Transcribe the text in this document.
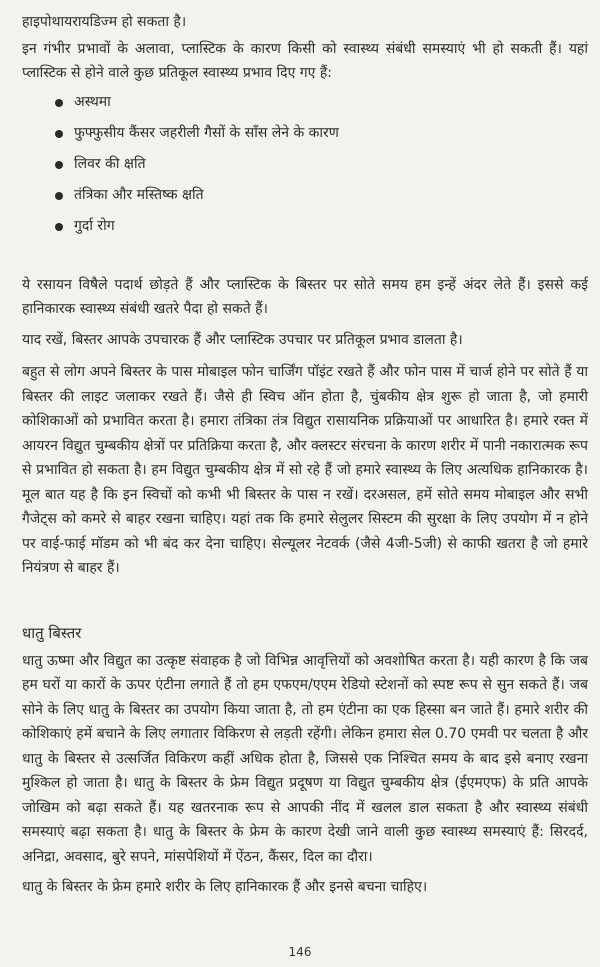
हाइपोथायरायडिज्म हो सकता है।

इन गंभीर प्रभावों के अलावा, प्लास्टिक के कारण किसी को स्वास्थ्य संबंधी समस्याएं भी हो सकती हैं। यहां प्लास्टिक से होने वाले कुछ प्रतिकूल स्वास्थ्य प्रभाव दिए गए हैं:

अस्थमा
फुफ्फुसीय कैंसर जहरीली गैसों के साँस लेने के कारण
लिवर की क्षति
तंत्रिका और मस्तिष्क क्षति
गुर्दा रोग

ये रसायन विषैले पदार्थ छोड़ते हैं और प्लास्टिक के बिस्तर पर सोते समय हम इन्हें अंदर लेते हैं। इससे कई हानिकारक स्वास्थ्य संबंधी खतरे पैदा हो सकते हैं।

याद रखें, बिस्तर आपके उपचारक हैं और प्लास्टिक उपचार पर प्रतिकूल प्रभाव डालता है।

बहुत से लोग अपने बिस्तर के पास मोबाइल फोन चार्जिंग पॉइंट रखते हैं और फोन पास में चार्ज होने पर सोते हैं या बिस्तर की लाइट जलाकर रखते हैं। जैसे ही स्विच ऑन होता है, चुंबकीय क्षेत्र शुरू हो जाता है, जो हमारी कोशिकाओं को प्रभावित करता है। हमारा तंत्रिका तंत्र विद्युत रासायनिक प्रक्रियाओं पर आधारित है। हमारे रक्त में आयरन विद्युत चुम्बकीय क्षेत्रों पर प्रतिक्रिया करता है, और क्लस्टर संरचना के कारण शरीर में पानी नकारात्मक रूप से प्रभावित हो सकता है। हम विद्युत चुम्बकीय क्षेत्र में सो रहे हैं जो हमारे स्वास्थ्य के लिए अत्यधिक हानिकारक है। मूल बात यह है कि इन स्विचों को कभी भी बिस्तर के पास न रखें। दरअसल, हमें सोते समय मोबाइल और सभी गैजेट्स को कमरे से बाहर रखना चाहिए। यहां तक कि हमारे सेलुलर सिस्टम की सुरक्षा के लिए उपयोग में न होने पर वाई-फाई मॉडम को भी बंद कर देना चाहिए। सेल्यूलर नेटवर्क (जैसे 4जी-5जी) से काफी खतरा है जो हमारे नियंत्रण से बाहर हैं।

धातु बिस्तर

धातु ऊष्मा और विद्युत का उत्कृष्ट संवाहक है जो विभिन्न आवृत्तियों को अवशोषित करता है। यही कारण है कि जब हम घरों या कारों के ऊपर एंटीना लगाते हैं तो हम एफएम/एएम रेडियो स्टेशनों को स्पष्ट रूप से सुन सकते हैं। जब सोने के लिए धातु के बिस्तर का उपयोग किया जाता है, तो हम एंटीना का एक हिस्सा बन जाते हैं। हमारे शरीर की कोशिकाएं हमें बचाने के लिए लगातार विकिरण से लड़ती रहेंगी। लेकिन हमारा सेल 0.70 एमवी पर चलता है और धातु के बिस्तर से उत्सर्जित विकिरण कहीं अधिक होता है, जिससे एक निश्चित समय के बाद इसे बनाए रखना मुश्किल हो जाता है। धातु के बिस्तर के फ्रेम विद्युत प्रदूषण या विद्युत चुम्बकीय क्षेत्र (ईएमएफ) के प्रति आपके जोखिम को बढ़ा सकते हैं। यह खतरनाक रूप से आपकी नींद में खलल डाल सकता है और स्वास्थ्य संबंधी समस्याएं बढ़ा सकता है। धातु के बिस्तर के फ्रेम के कारण देखी जाने वाली कुछ स्वास्थ्य समस्याएं हैं: सिरदर्द, अनिद्रा, अवसाद, बुरे सपने, मांसपेशियों में ऐंठन, कैंसर, दिल का दौरा।

धातु के बिस्तर के फ्रेम हमारे शरीर के लिए हानिकारक हैं और इनसे बचना चाहिए।

146
